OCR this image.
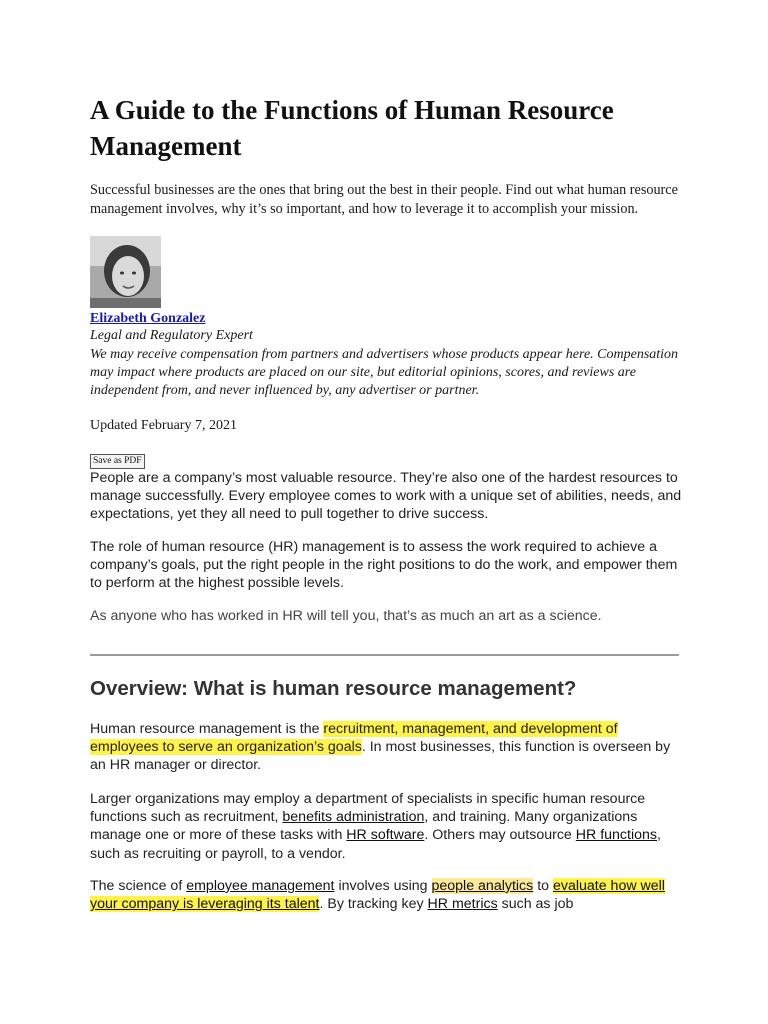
A Guide to the Functions of Human Resource Management

Successful businesses are the ones that bring out the best in their people. Find out what human resource management involves, why it’s so important, and how to leverage it to accomplish your mission.

Elizabeth Gonzalez
Legal and Regulatory Expert

We may receive compensation from partners and advertisers whose products appear here. Compensation may impact where products are placed on our site, but editorial opinions, scores, and reviews are independent from, and never influenced by, any advertiser or partner.

Updated February 7, 2021
Save as PDF

People are a company’s most valuable resource. They’re also one of the hardest resources to manage successfully. Every employee comes to work with a unique set of abilities, needs, and expectations, yet they all need to pull together to drive success.

The role of human resource (HR) management is to assess the work required to achieve a company’s goals, put the right people in the right positions to do the work, and empower them to perform at the highest possible levels.

As anyone who has worked in HR will tell you, that’s as much an art as a science.

Overview: What is human resource management?

Human resource management is the recruitment, management, and development of employees to serve an organization’s goals. In most businesses, this function is overseen by an HR manager or director.

Larger organizations may employ a department of specialists in specific human resource functions such as recruitment, benefits administration, and training. Many organizations manage one or more of these tasks with HR software. Others may outsource HR functions, such as recruiting or payroll, to a vendor.

The science of employee management involves using people analytics to evaluate how well your company is leveraging its talent. By tracking key HR metrics such as job
